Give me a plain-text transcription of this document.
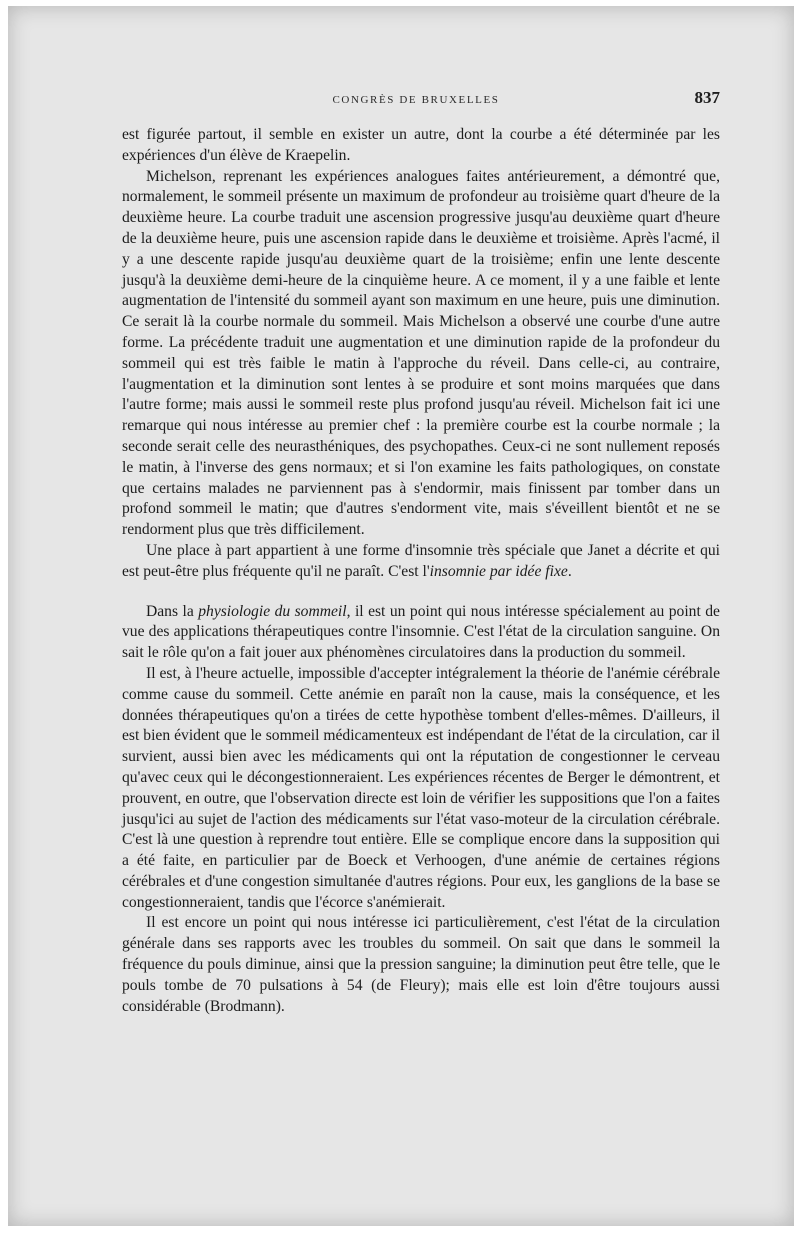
CONGRÈS DE BRUXELLES	837

est figurée partout, il semble en exister un autre, dont la courbe a été déterminée par les expériences d'un élève de Kraepelin.

Michelson, reprenant les expériences analogues faites antérieurement, a démontré que, normalement, le sommeil présente un maximum de profondeur au troisième quart d'heure de la deuxième heure. La courbe traduit une ascension progressive jusqu'au deuxième quart d'heure de la deuxième heure, puis une ascension rapide dans le deuxième et troisième. Après l'acmé, il y a une descente rapide jusqu'au deuxième quart de la troisième; enfin une lente descente jusqu'à la deuxième demi-heure de la cinquième heure. A ce moment, il y a une faible et lente augmentation de l'intensité du sommeil ayant son maximum en une heure, puis une diminution. Ce serait là la courbe normale du sommeil. Mais Michelson a observé une courbe d'une autre forme. La précédente traduit une augmentation et une diminution rapide de la profondeur du sommeil qui est très faible le matin à l'approche du réveil. Dans celle-ci, au contraire, l'augmentation et la diminution sont lentes à se produire et sont moins marquées que dans l'autre forme; mais aussi le sommeil reste plus profond jusqu'au réveil. Michelson fait ici une remarque qui nous intéresse au premier chef : la première courbe est la courbe normale ; la seconde serait celle des neurasthéniques, des psychopathes. Ceux-ci ne sont nullement reposés le matin, à l'inverse des gens normaux; et si l'on examine les faits pathologiques, on constate que certains malades ne parviennent pas à s'endormir, mais finissent par tomber dans un profond sommeil le matin; que d'autres s'endorment vite, mais s'éveillent bientôt et ne se rendorment plus que très difficilement.

Une place à part appartient à une forme d'insomnie très spéciale que Janet a décrite et qui est peut-être plus fréquente qu'il ne paraît. C'est l'insomnie par idée fixe.

Dans la physiologie du sommeil, il est un point qui nous intéresse spécialement au point de vue des applications thérapeutiques contre l'insomnie. C'est l'état de la circulation sanguine. On sait le rôle qu'on a fait jouer aux phénomènes circulatoires dans la production du sommeil.

Il est, à l'heure actuelle, impossible d'accepter intégralement la théorie de l'anémie cérébrale comme cause du sommeil. Cette anémie en paraît non la cause, mais la conséquence, et les données thérapeutiques qu'on a tirées de cette hypothèse tombent d'elles-mêmes. D'ailleurs, il est bien évident que le sommeil médicamenteux est indépendant de l'état de la circulation, car il survient, aussi bien avec les médicaments qui ont la réputation de congestionner le cerveau qu'avec ceux qui le décongestionneraient. Les expériences récentes de Berger le démontrent, et prouvent, en outre, que l'observation directe est loin de vérifier les suppositions que l'on a faites jusqu'ici au sujet de l'action des médicaments sur l'état vaso-moteur de la circulation cérébrale. C'est là une question à reprendre tout entière. Elle se complique encore dans la supposition qui a été faite, en particulier par de Boeck et Verhoogen, d'une anémie de certaines régions cérébrales et d'une congestion simultanée d'autres régions. Pour eux, les ganglions de la base se congestionneraient, tandis que l'écorce s'anémierait.

Il est encore un point qui nous intéresse ici particulièrement, c'est l'état de la circulation générale dans ses rapports avec les troubles du sommeil. On sait que dans le sommeil la fréquence du pouls diminue, ainsi que la pression sanguine; la diminution peut être telle, que le pouls tombe de 70 pulsations à 54 (de Fleury); mais elle est loin d'être toujours aussi considérable (Brodmann).
